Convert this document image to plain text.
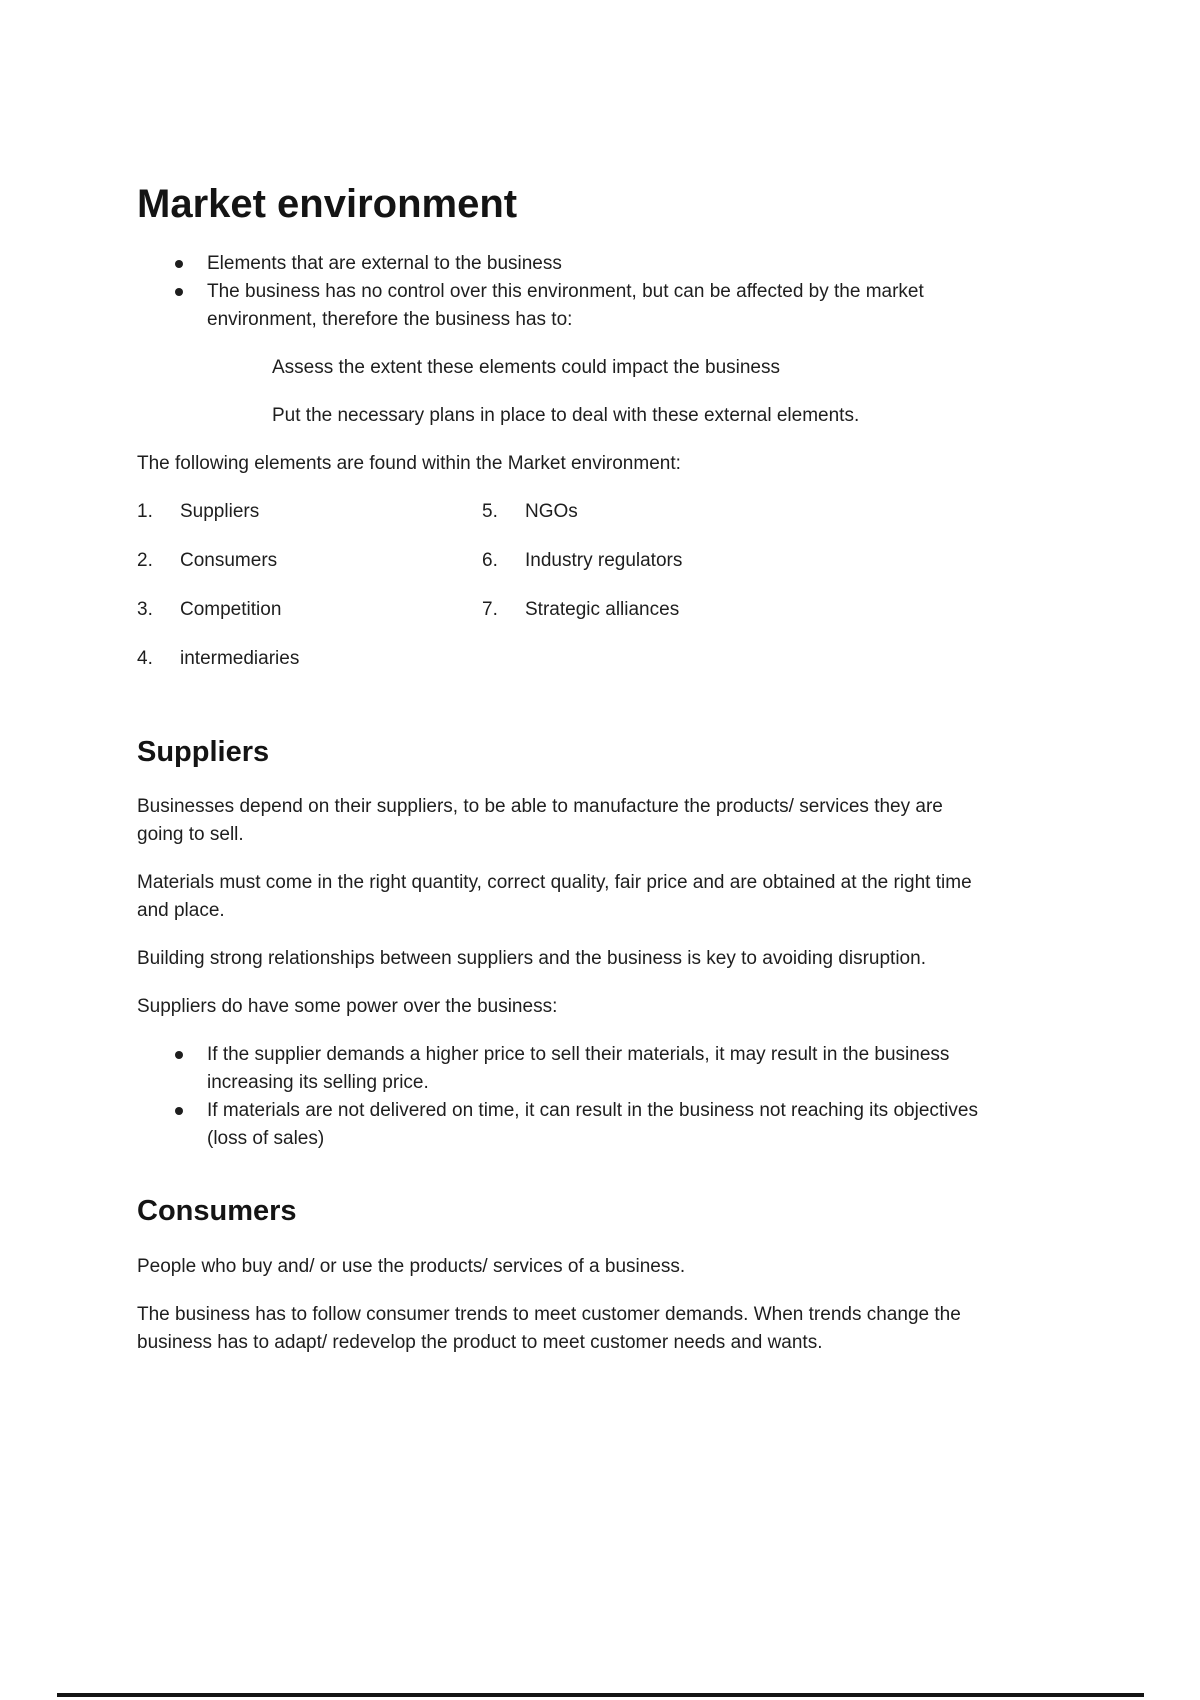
Market environment
Elements that are external to the business
The business has no control over this environment, but can be affected by the market environment, therefore the business has to:

Assess the extent these elements could impact the business

Put the necessary plans in place to deal with these external elements.

The following elements are found within the Market environment:

1.	Suppliers
2.	Consumers
3.	Competition
4.	intermediaries
5.	NGOs
6.	Industry regulators
7.	Strategic alliances
Suppliers

Businesses depend on their suppliers, to be able to manufacture the products/ services they are going to sell.

Materials must come in the right quantity, correct quality, fair price and are obtained at the right time and place.

Building strong relationships between suppliers and the business is key to avoiding disruption.

Suppliers do have some power over the business:

If the supplier demands a higher price to sell their materials, it may result in the business increasing its selling price.
If materials are not delivered on time, it can result in the business not reaching its objectives (loss of sales)
Consumers

People who buy and/ or use the products/ services of a business.

The business has to follow consumer trends to meet customer demands. When trends change the business has to adapt/ redevelop the product to meet customer needs and wants.
